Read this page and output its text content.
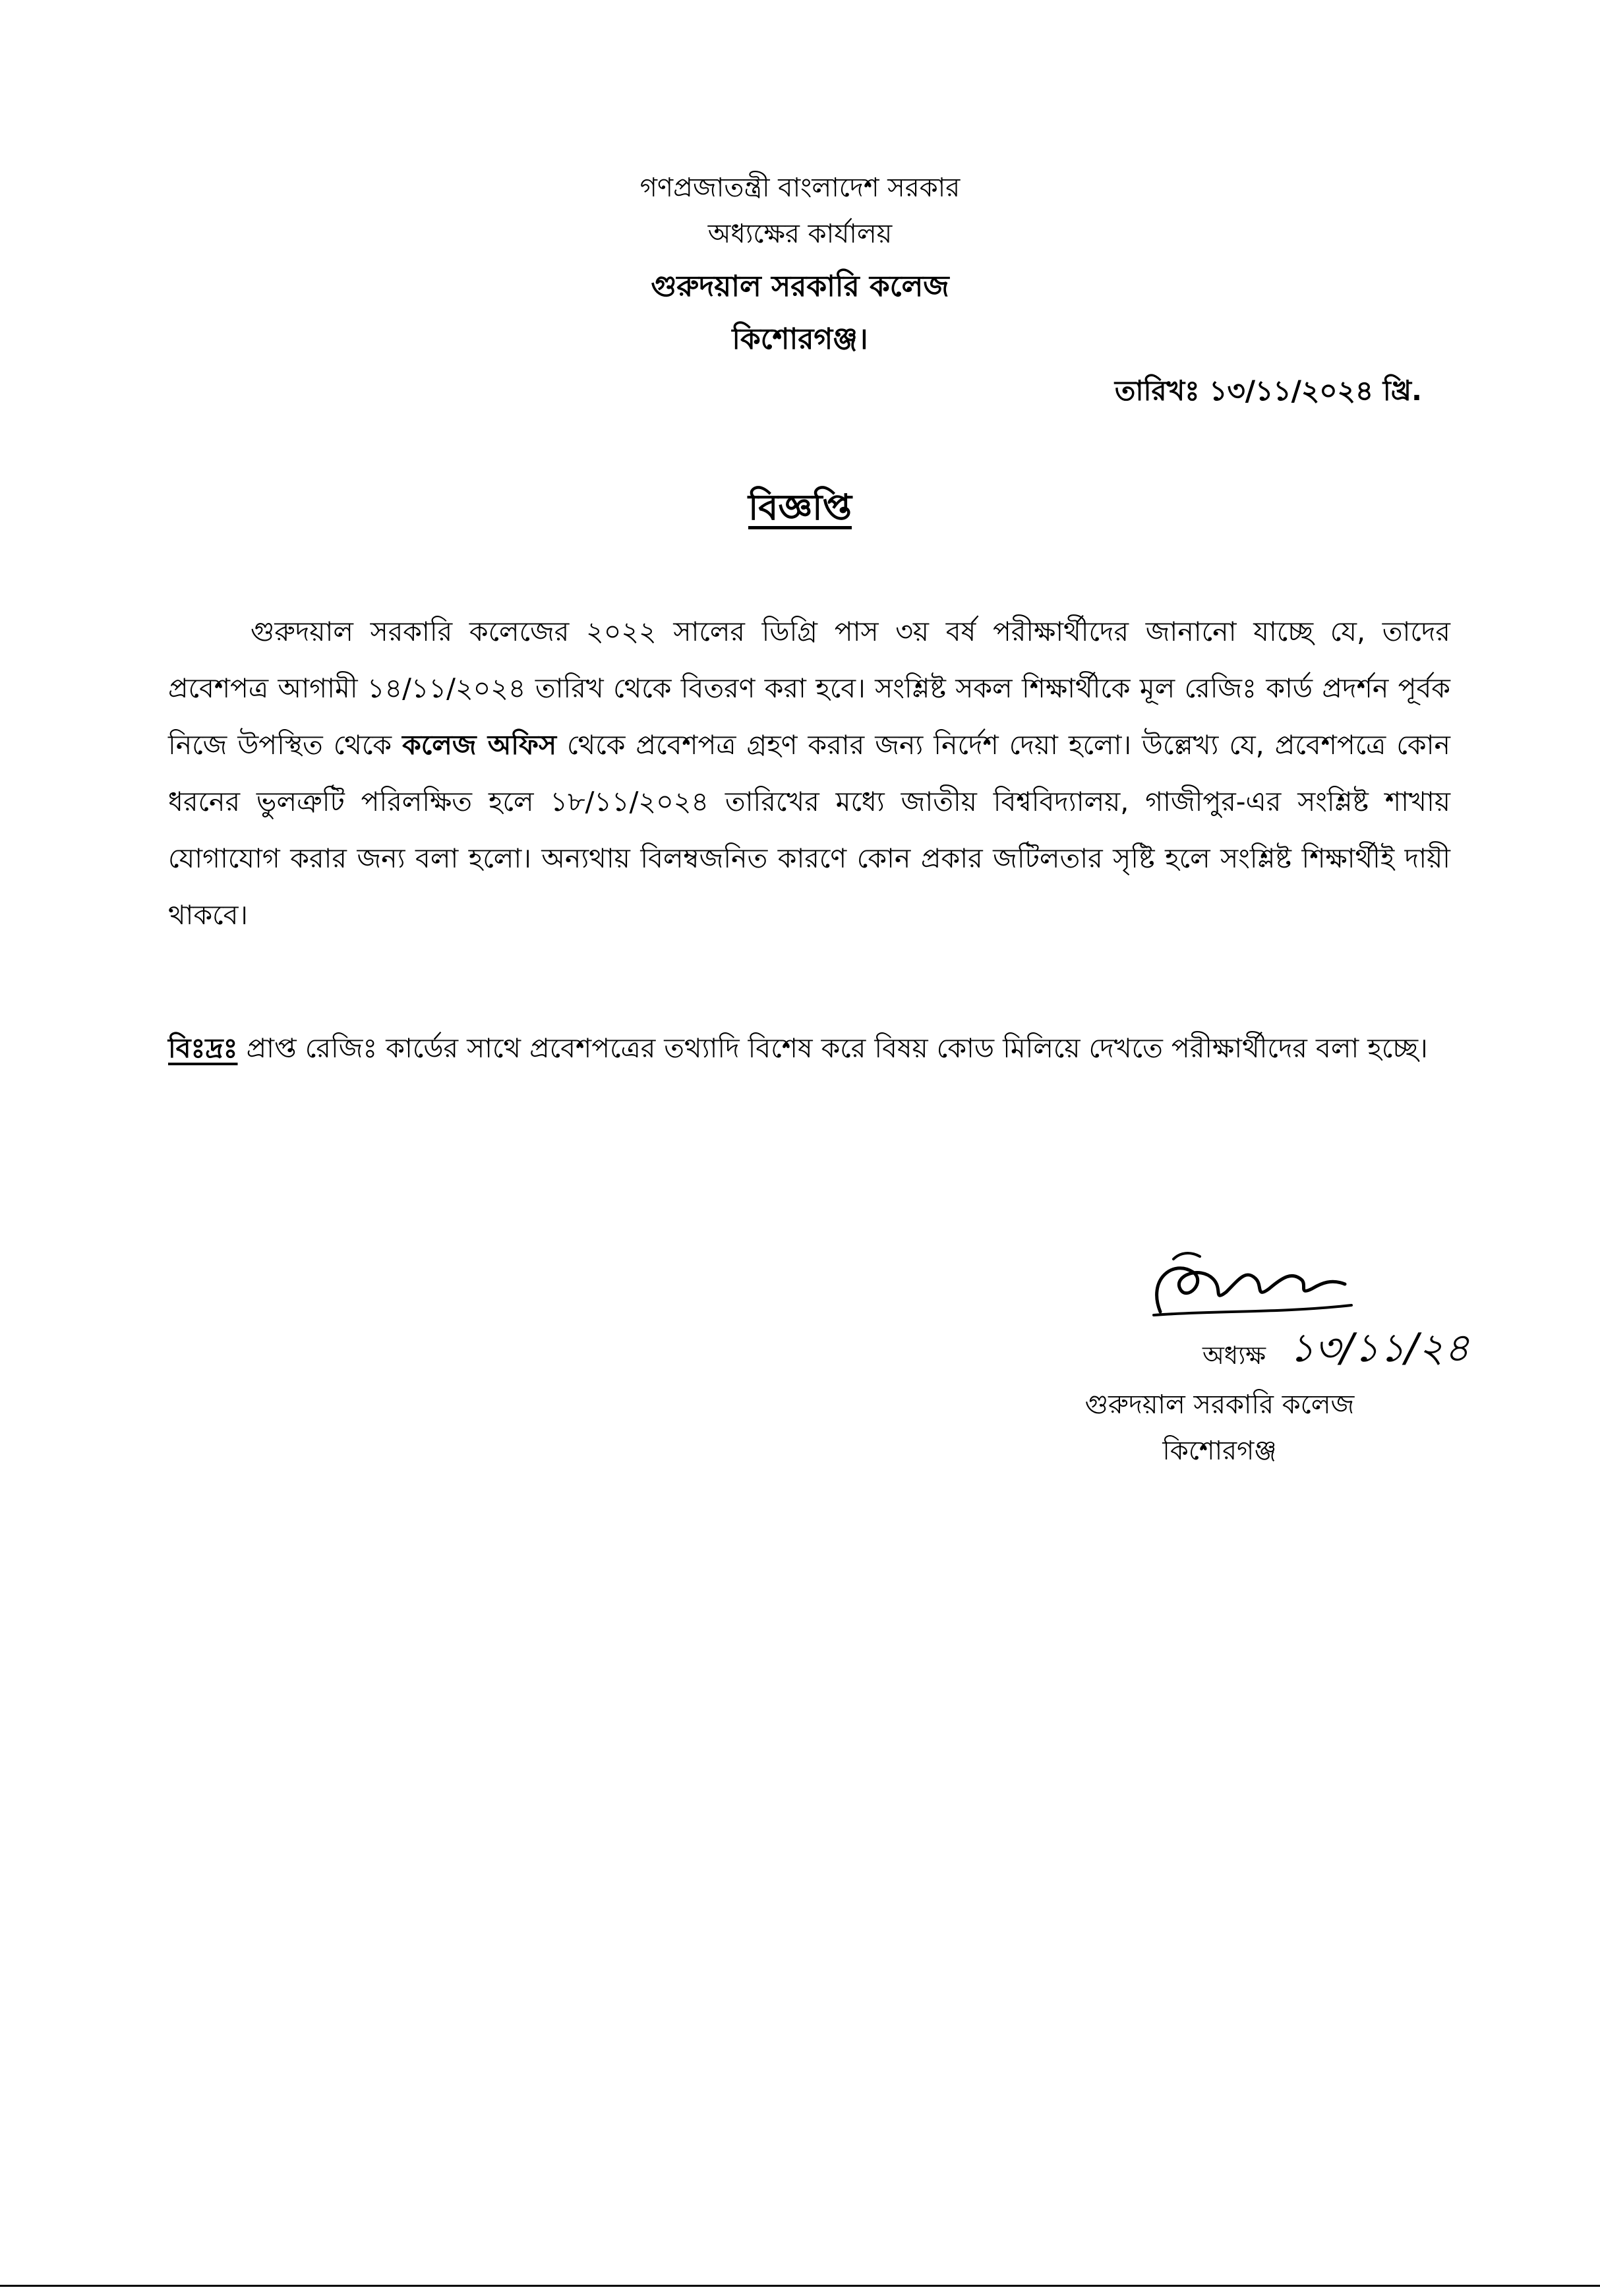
গণপ্রজাতন্ত্রী বাংলাদেশ সরকার
অধ্যক্ষের কার্যালয়
গুরুদয়াল সরকারি কলেজ
কিশোরগঞ্জ।
তারিখঃ ১৩/১১/২০২৪ খ্রি.
বিজ্ঞপ্তি
গুরুদয়াল সরকারি কলেজের ২০২২ সালের ডিগ্রি পাস ৩য় বর্ষ পরীক্ষার্থীদের জানানো যাচ্ছে যে, তাদের প্রবেশপত্র আগামী ১৪/১১/২০২৪ তারিখ থেকে বিতরণ করা হবে। সংশ্লিষ্ট সকল শিক্ষার্থীকে মূল রেজিঃ কার্ড প্রদর্শন পূর্বক নিজে উপস্থিত থেকে কলেজ অফিস থেকে প্রবেশপত্র গ্রহণ করার জন্য নির্দেশ দেয়া হলো। উল্লেখ্য যে, প্রবেশপত্রে কোন ধরনের ভুলত্রুটি পরিলক্ষিত হলে ১৮/১১/২০২৪ তারিখের মধ্যে জাতীয় বিশ্ববিদ্যালয়, গাজীপুর-এর সংশ্লিষ্ট শাখায় যোগাযোগ করার জন্য বলা হলো। অন্যথায় বিলম্বজনিত কারণে কোন প্রকার জটিলতার সৃষ্টি হলে সংশ্লিষ্ট শিক্ষার্থীই দায়ী থাকবে।
বিঃদ্রঃ প্রাপ্ত রেজিঃ কার্ডের সাথে প্রবেশপত্রের তথ্যাদি বিশেষ করে বিষয় কোড মিলিয়ে দেখতে পরীক্ষার্থীদের বলা হচ্ছে।
১৩/১১/২৪
অধ্যক্ষ
গুরুদয়াল সরকারি কলেজ
কিশোরগঞ্জ
